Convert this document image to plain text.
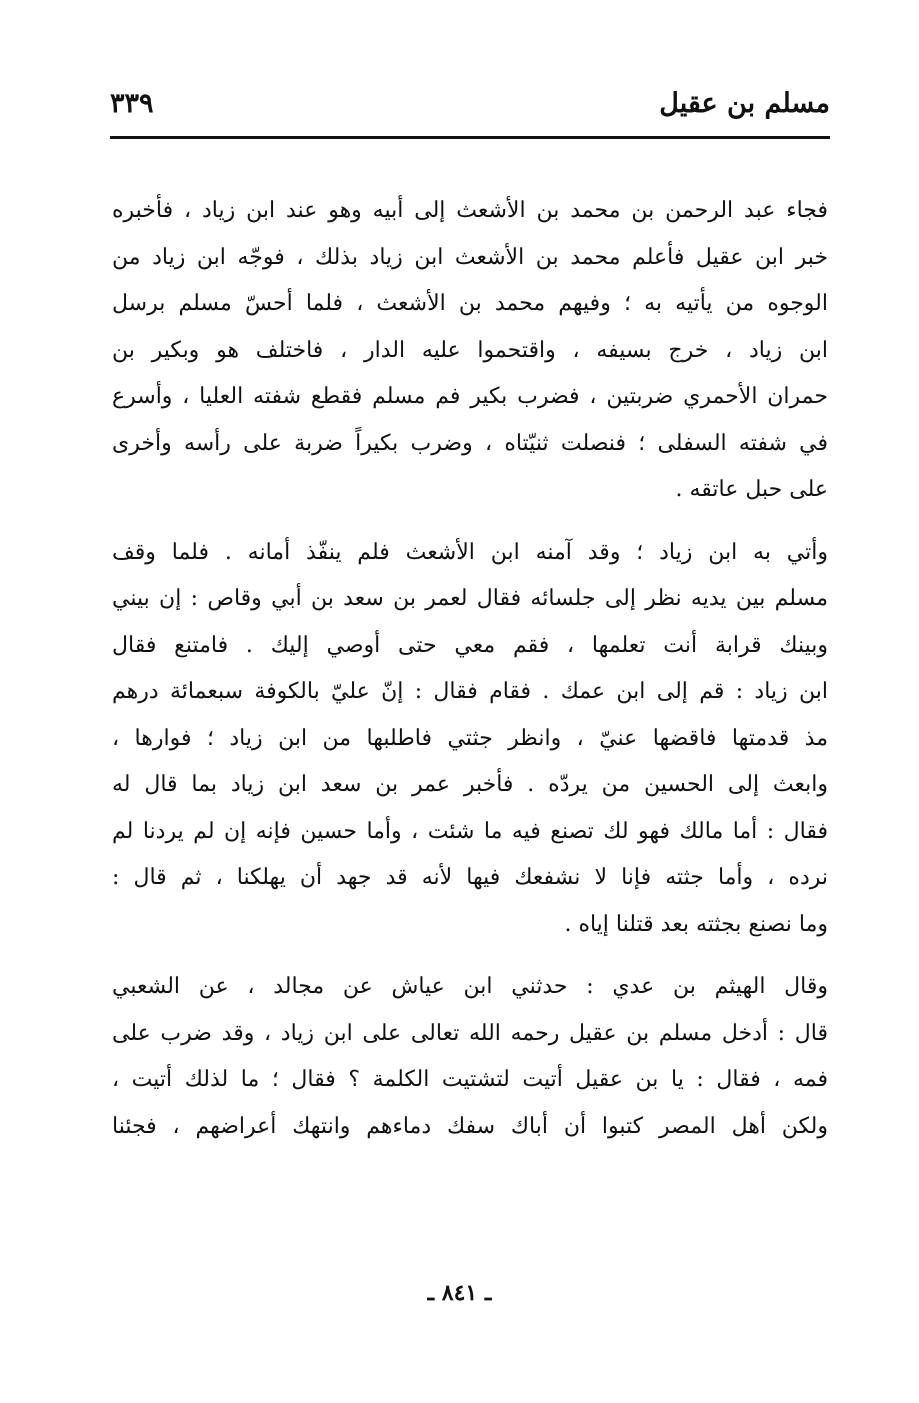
مسلم بن عقيل
٣٣٩
فجاء عبد الرحمن بن محمد بن الأشعث إلى أبيه وهو عند ابن زياد ، فأخبره
خبر ابن عقيل فأعلم محمد بن الأشعث ابن زياد بذلك ، فوجّه ابن زياد من
الوجوه من يأتيه به ؛ وفيهم محمد بن الأشعث ، فلما أحسّ مسلم برسل
ابن زياد ، خرج بسيفه ، واقتحموا عليه الدار ، فاختلف هو وبكير بن
حمران الأحمري ضربتين ، فضرب بكير فم مسلم فقطع شفته العليا ، وأسرع
في شفته السفلى ؛ فنصلت ثنيّتاه ، وضرب بكيراً ضربة على رأسه وأخرى
على حبل عاتقه .
وأتي به ابن زياد ؛ وقد آمنه ابن الأشعث فلم ينفّذ أمانه . فلما وقف
مسلم بين يديه نظر إلى جلسائه فقال لعمر بن سعد بن أبي وقاص : إن بيني
وبينك قرابة أنت تعلمها ، فقم معي حتى أوصي إليك . فامتنع فقال
ابن زياد : قم إلى ابن عمك . فقام فقال : إنّ عليّ بالكوفة سبعمائة درهم
مذ قدمتها فاقضها عنيّ ، وانظر جثتي فاطلبها من ابن زياد ؛ فوارها ،
وابعث إلى الحسين من يردّه . فأخبر عمر بن سعد ابن زياد بما قال له
فقال : أما مالك فهو لك تصنع فيه ما شئت ، وأما حسين فإنه إن لم يردنا لم
نرده ، وأما جثته فإنا لا نشفعك فيها لأنه قد جهد أن يهلكنا ، ثم قال :
وما نصنع بجثته بعد قتلنا إياه .
وقال الهيثم بن عدي : حدثني ابن عياش عن مجالد ، عن الشعبي
قال : أدخل مسلم بن عقيل رحمه الله تعالى على ابن زياد ، وقد ضرب على
فمه ، فقال : يا بن عقيل أتيت لتشتيت الكلمة ؟ فقال ؛ ما لذلك أتيت ،
ولكن أهل المصر كتبوا أن أباك سفك دماءهم وانتهك أعراضهم ، فجئنا
ـ ٨٤١ ـ
